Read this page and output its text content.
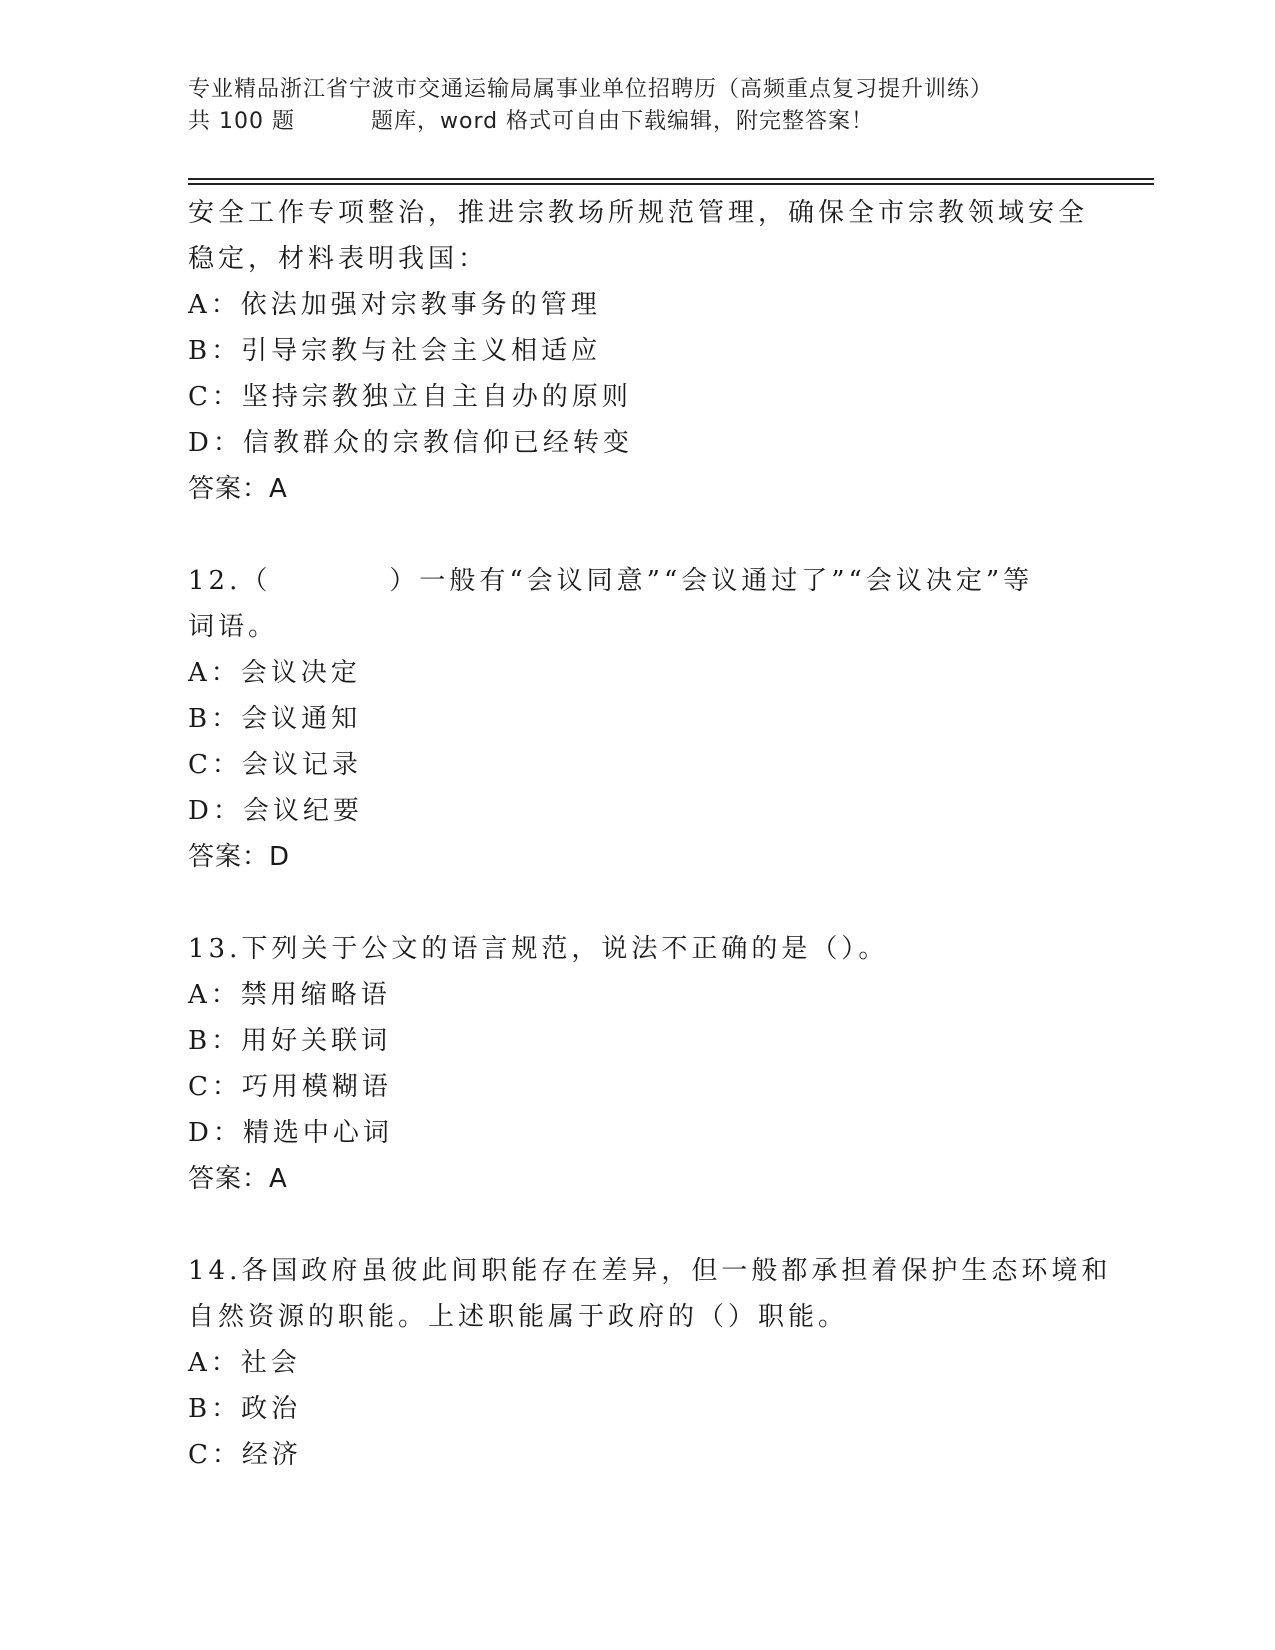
专业精品浙江省宁波市交通运输局属事业单位招聘历（高频重点复习提升训练）
共 100 题	题库，word 格式可自由下载编辑，附完整答案！
安全工作专项整治，推进宗教场所规范管理，确保全市宗教领域安全
稳定，材料表明我国：
A：依法加强对宗教事务的管理
B：引导宗教与社会主义相适应
C：坚持宗教独立自主自办的原则
D：信教群众的宗教信仰已经转变
答案：A
12.（	）一般有“会议同意”“会议通过了”“会议决定”等
词语。
A：会议决定
B：会议通知
C：会议记录
D：会议纪要
答案：D
13.下列关于公文的语言规范，说法不正确的是（）。
A：禁用缩略语
B：用好关联词
C：巧用模糊语
D：精选中心词
答案：A
14.各国政府虽彼此间职能存在差异，但一般都承担着保护生态环境和
自然资源的职能。上述职能属于政府的（）职能。
A：社会
B：政治
C：经济
